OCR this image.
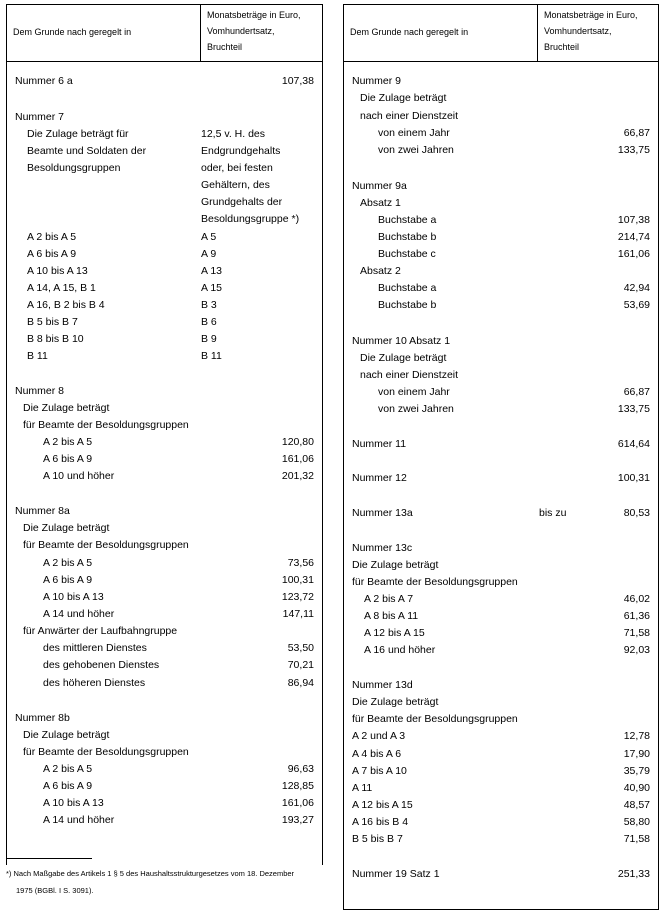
Dem Grunde nach geregelt in
Monatsbeträge in Euro,
Vomhundertsatz,
Bruchteil
Nummer 6 a	107,38
Nummer 7
Die Zulage beträgt für	12,5 v. H. des
Beamte und Soldaten der	Endgrundgehalts
Besoldungsgruppen	oder, bei festen
Gehältern, des
Grundgehalts der
Besoldungsgruppe *)
A 2 bis A 5	A 5
A 6 bis A 9	A 9
A 10 bis A 13	A 13
A 14, A 15, B 1	A 15
A 16, B 2 bis B 4	B 3
B 5 bis B 7	B 6
B 8 bis B 10	B 9
B 11	B 11
Nummer 8
Die Zulage beträgt
für Beamte der Besoldungsgruppen
A 2 bis A 5	120,80
A 6 bis A 9	161,06
A 10 und höher	201,32
Nummer 8a
Die Zulage beträgt
für Beamte der Besoldungsgruppen
A 2 bis A 5	73,56
A 6 bis A 9	100,31
A 10 bis A 13	123,72
A 14 und höher	147,11
für Anwärter der Laufbahngruppe
des mittleren Dienstes	53,50
des gehobenen Dienstes	70,21
des höheren Dienstes	86,94
Nummer 8b
Die Zulage beträgt
für Beamte der Besoldungsgruppen
A 2 bis A 5	96,63
A 6 bis A 9	128,85
A 10 bis A 13	161,06
A 14 und höher	193,27
Dem Grunde nach geregelt in
Monatsbeträge in Euro,
Vomhundertsatz,
Bruchteil
Nummer 9
Die Zulage beträgt
nach einer Dienstzeit
von einem Jahr	66,87
von zwei Jahren	133,75
Nummer 9a
Absatz 1
Buchstabe a	107,38
Buchstabe b	214,74
Buchstabe c	161,06
Absatz 2
Buchstabe a	42,94
Buchstabe b	53,69
Nummer 10 Absatz 1
Die Zulage beträgt
nach einer Dienstzeit
von einem Jahr	66,87
von zwei Jahren	133,75
Nummer 11	614,64
Nummer 12	100,31
Nummer 13a	bis zu	80,53
Nummer 13c
Die Zulage beträgt
für Beamte der Besoldungsgruppen
A 2 bis A 7	46,02
A 8 bis A 11	61,36
A 12 bis A 15	71,58
A 16 und höher	92,03
Nummer 13d
Die Zulage beträgt
für Beamte der Besoldungsgruppen
A 2 und A 3	12,78
A 4 bis A 6	17,90
A 7 bis A 10	35,79
A 11	40,90
A 12 bis A 15	48,57
A 16 bis B 4	58,80
B 5 bis B 7	71,58
Nummer 19 Satz 1	251,33
*) Nach Maßgabe des Artikels 1 § 5 des Haushaltsstrukturgesetzes vom 18. Dezember
1975 (BGBl. I S. 3091).
